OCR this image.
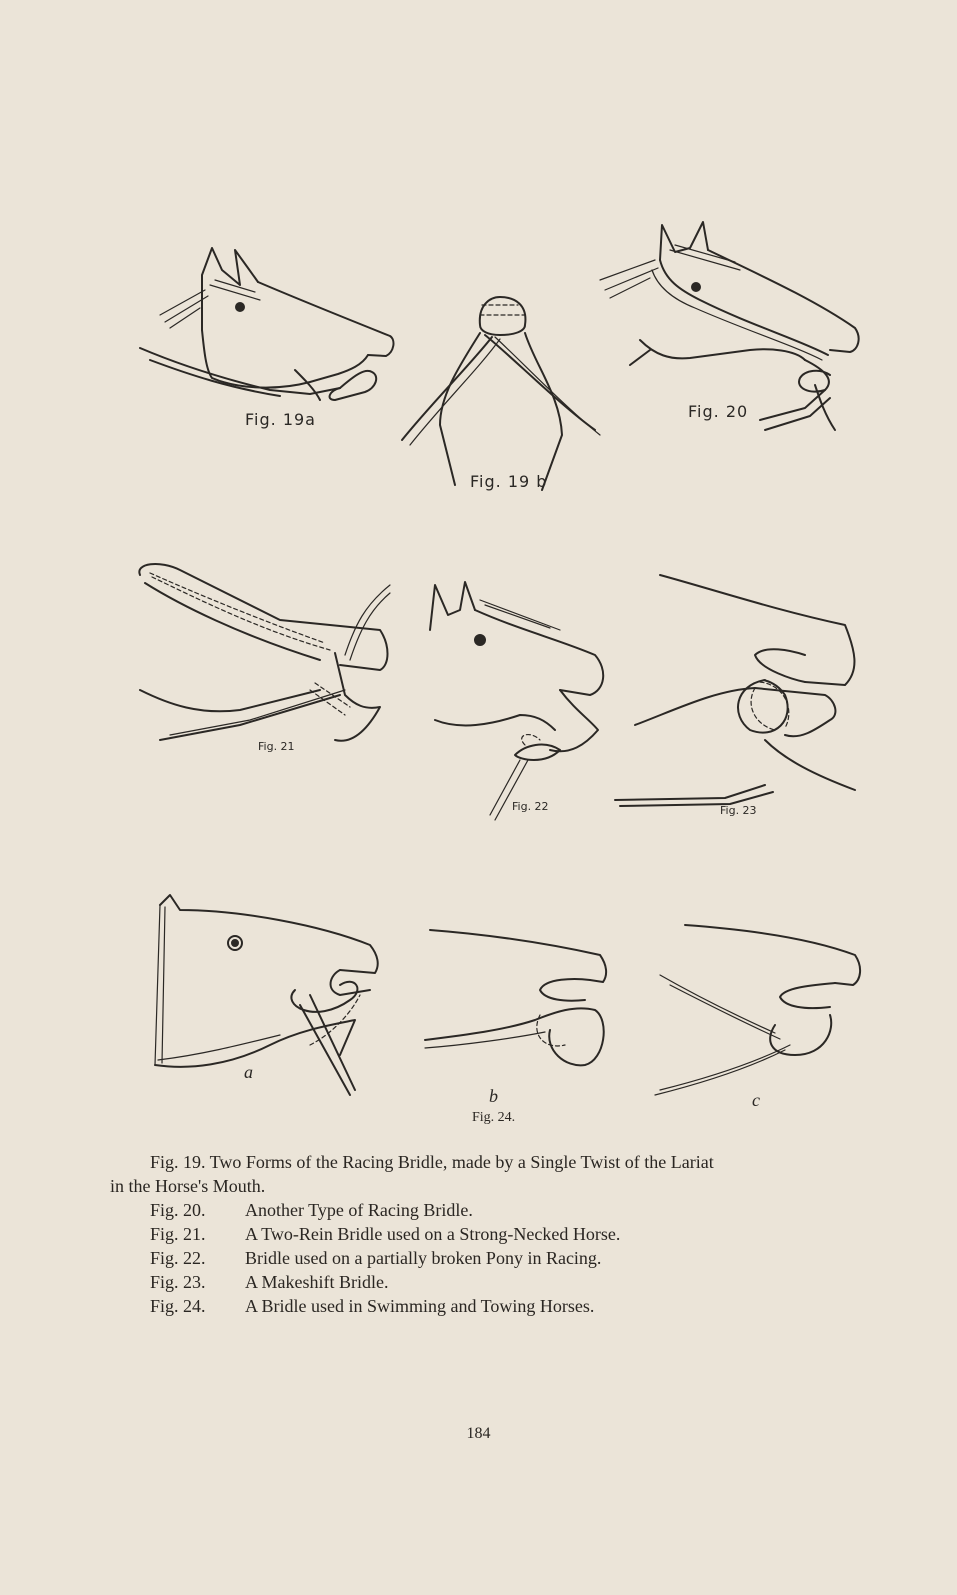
Fig. 19a
Fig. 19 b
Fig. 20
Fig. 21
Fig. 22	Fig. 23
a
b	c
Fig. 24.
Fig. 19. Two Forms of the Racing Bridle, made by a Single Twist of the Lariat
in the Horse's Mouth.
Fig. 20.	Another Type of Racing Bridle.
Fig. 21.	A Two-Rein Bridle used on a Strong-Necked Horse.
Fig. 22.	Bridle used on a partially broken Pony in Racing.
Fig. 23.	A Makeshift Bridle.
Fig. 24.	A Bridle used in Swimming and Towing Horses.
184
